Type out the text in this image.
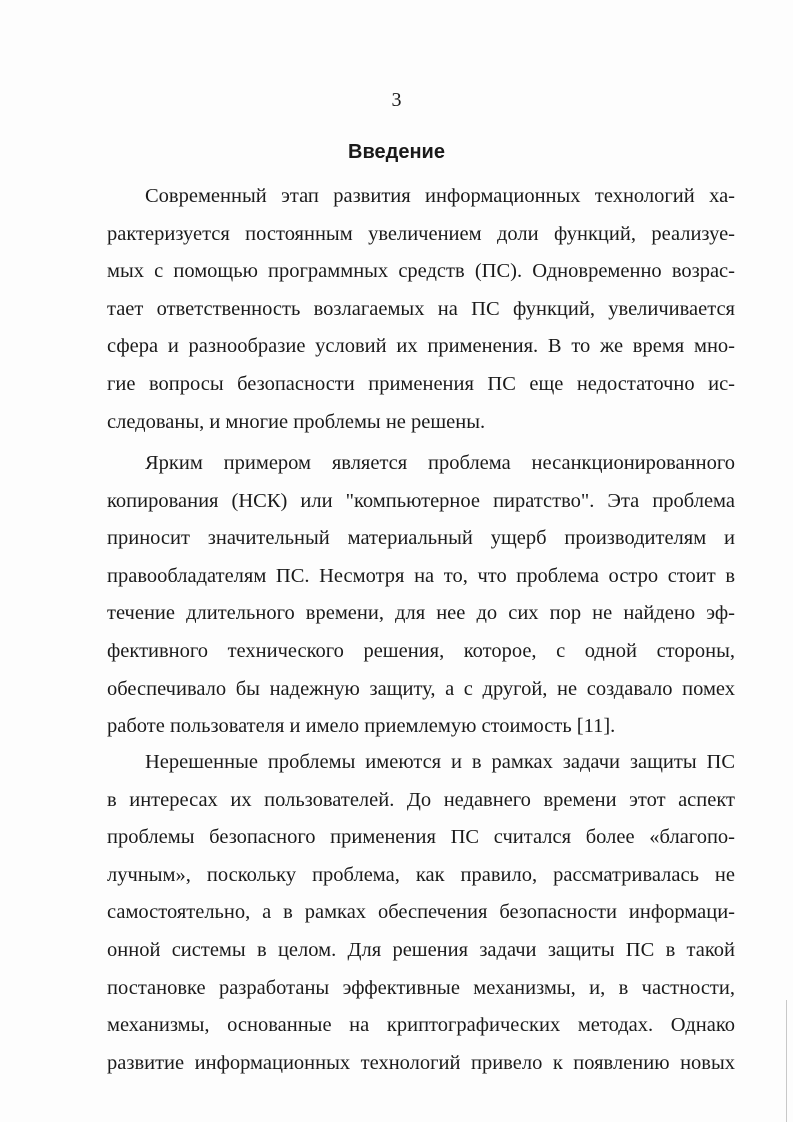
3
Введение
Современный этап развития информационных технологий ха-
рактеризуется постоянным увеличением доли функций, реализуе-
мых с помощью программных средств (ПС). Одновременно возрас-
тает ответственность возлагаемых на ПС функций, увеличивается
сфера и разнообразие условий их применения. В то же время мно-
гие вопросы безопасности применения ПС еще недостаточно ис-
следованы, и многие проблемы не решены.
Ярким примером является проблема несанкционированного
копирования (НСК) или "компьютерное пиратство". Эта проблема
приносит значительный материальный ущерб производителям и
правообладателям ПС. Несмотря на то, что проблема остро стоит в
течение длительного времени, для нее до сих пор не найдено эф-
фективного технического решения, которое, с одной стороны,
обеспечивало бы надежную защиту, а с другой, не создавало помех
работе пользователя и имело приемлемую стоимость [11].
Нерешенные проблемы имеются и в рамках задачи защиты ПС
в интересах их пользователей. До недавнего времени этот аспект
проблемы безопасного применения ПС считался более «благопо-
лучным», поскольку проблема, как правило, рассматривалась не
самостоятельно, а в рамках обеспечения безопасности информаци-
онной системы в целом. Для решения задачи защиты ПС в такой
постановке разработаны эффективные механизмы, и, в частности,
механизмы, основанные на криптографических методах. Однако
развитие информационных технологий привело к появлению новых
